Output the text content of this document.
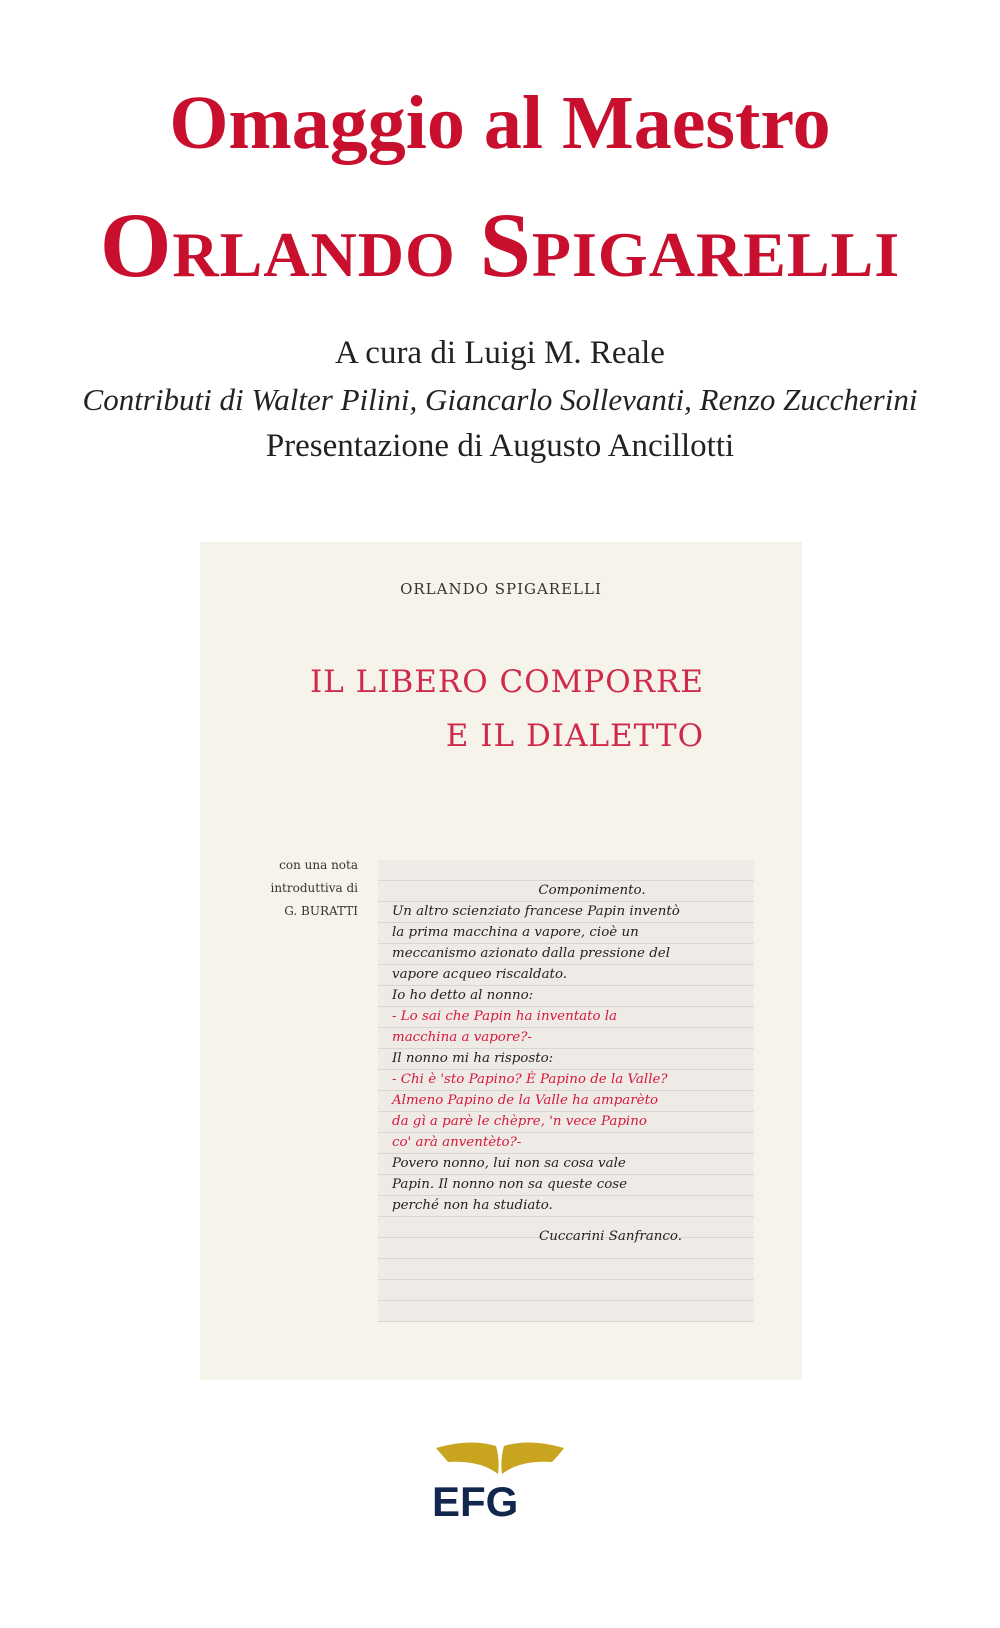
Omaggio al Maestro
Orlando Spigarelli
A cura di Luigi M. Reale
Contributi di Walter Pilini, Giancarlo Sollevanti, Renzo Zuccherini
Presentazione di Augusto Ancillotti
ORLANDO SPIGARELLI
IL LIBERO COMPORRE
E IL DIALETTO
con una nota
introduttiva di
G. BURATTI
Componimento.
Un altro scienziato francese Papin inventò
la prima macchina a vapore, cioè un
meccanismo azionato dalla pressione del
vapore acqueo riscaldato.
Io ho detto al nonno:
- Lo sai che Papin ha inventato la
macchina a vapore?-
Il nonno mi ha risposto:
- Chi è 'sto Papino? È Papino de la Valle?
Almeno Papino de la Valle ha amparèto
da gì a parè le chèpre, 'n vece Papino
co' arà anventèto?-
Povero nonno, lui non sa cosa vale
Papin. Il nonno non sa queste cose
perché non ha studiato.
Cuccarini Sanfranco.
EFG
